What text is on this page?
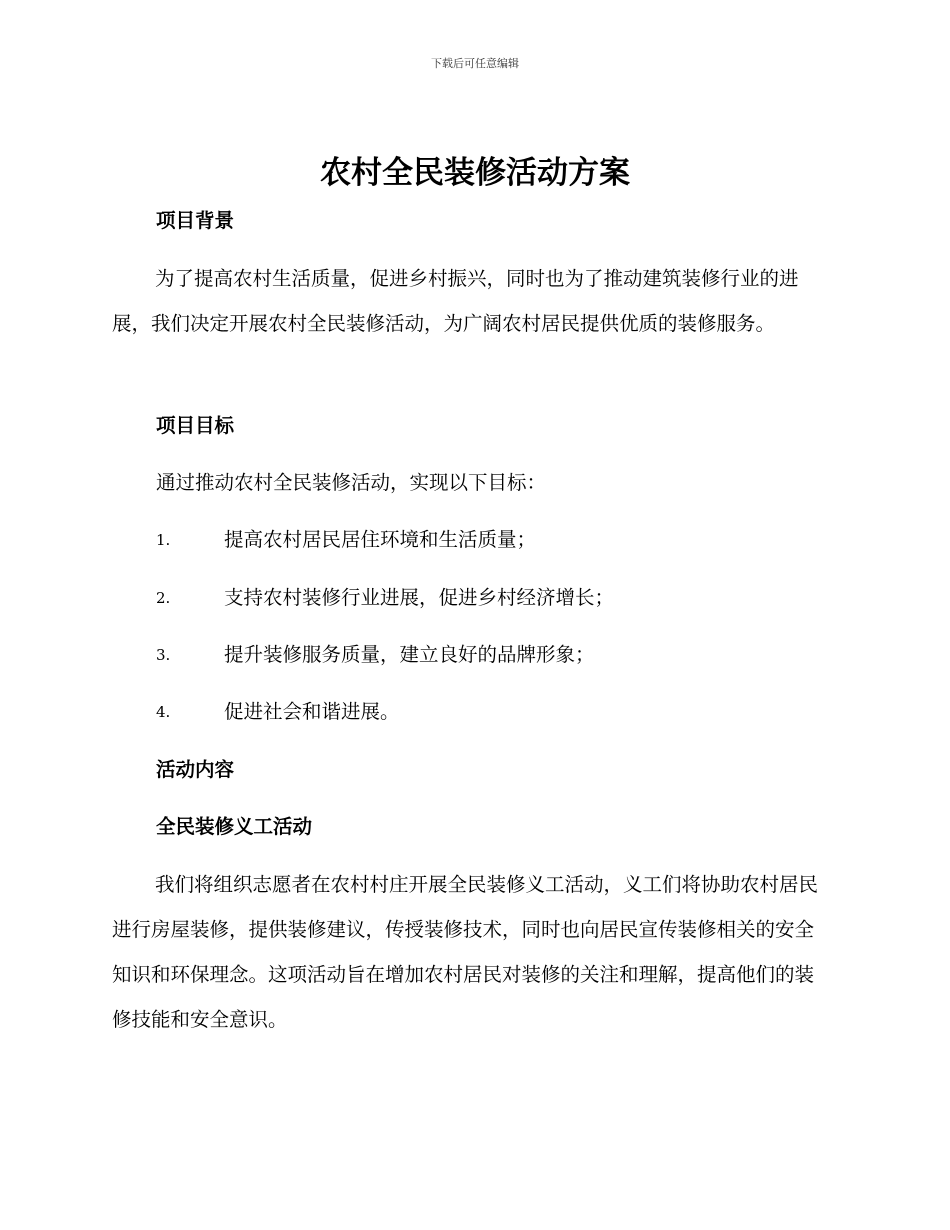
下载后可任意编辑
农村全民装修活动方案

项目背景

为了提高农村生活质量，促进乡村振兴，同时也为了推动建筑装修行业的进展，我们决定开展农村全民装修活动，为广阔农村居民提供优质的装修服务。

项目目标

通过推动农村全民装修活动，实现以下目标：

1.	提高农村居民居住环境和生活质量；
2.	支持农村装修行业进展，促进乡村经济增长；
3.	提升装修服务质量，建立良好的品牌形象；
4.	促进社会和谐进展。

活动内容

全民装修义工活动

我们将组织志愿者在农村村庄开展全民装修义工活动，义工们将协助农村居民进行房屋装修，提供装修建议，传授装修技术，同时也向居民宣传装修相关的安全知识和环保理念。这项活动旨在增加农村居民对装修的关注和理解，提高他们的装修技能和安全意识。
